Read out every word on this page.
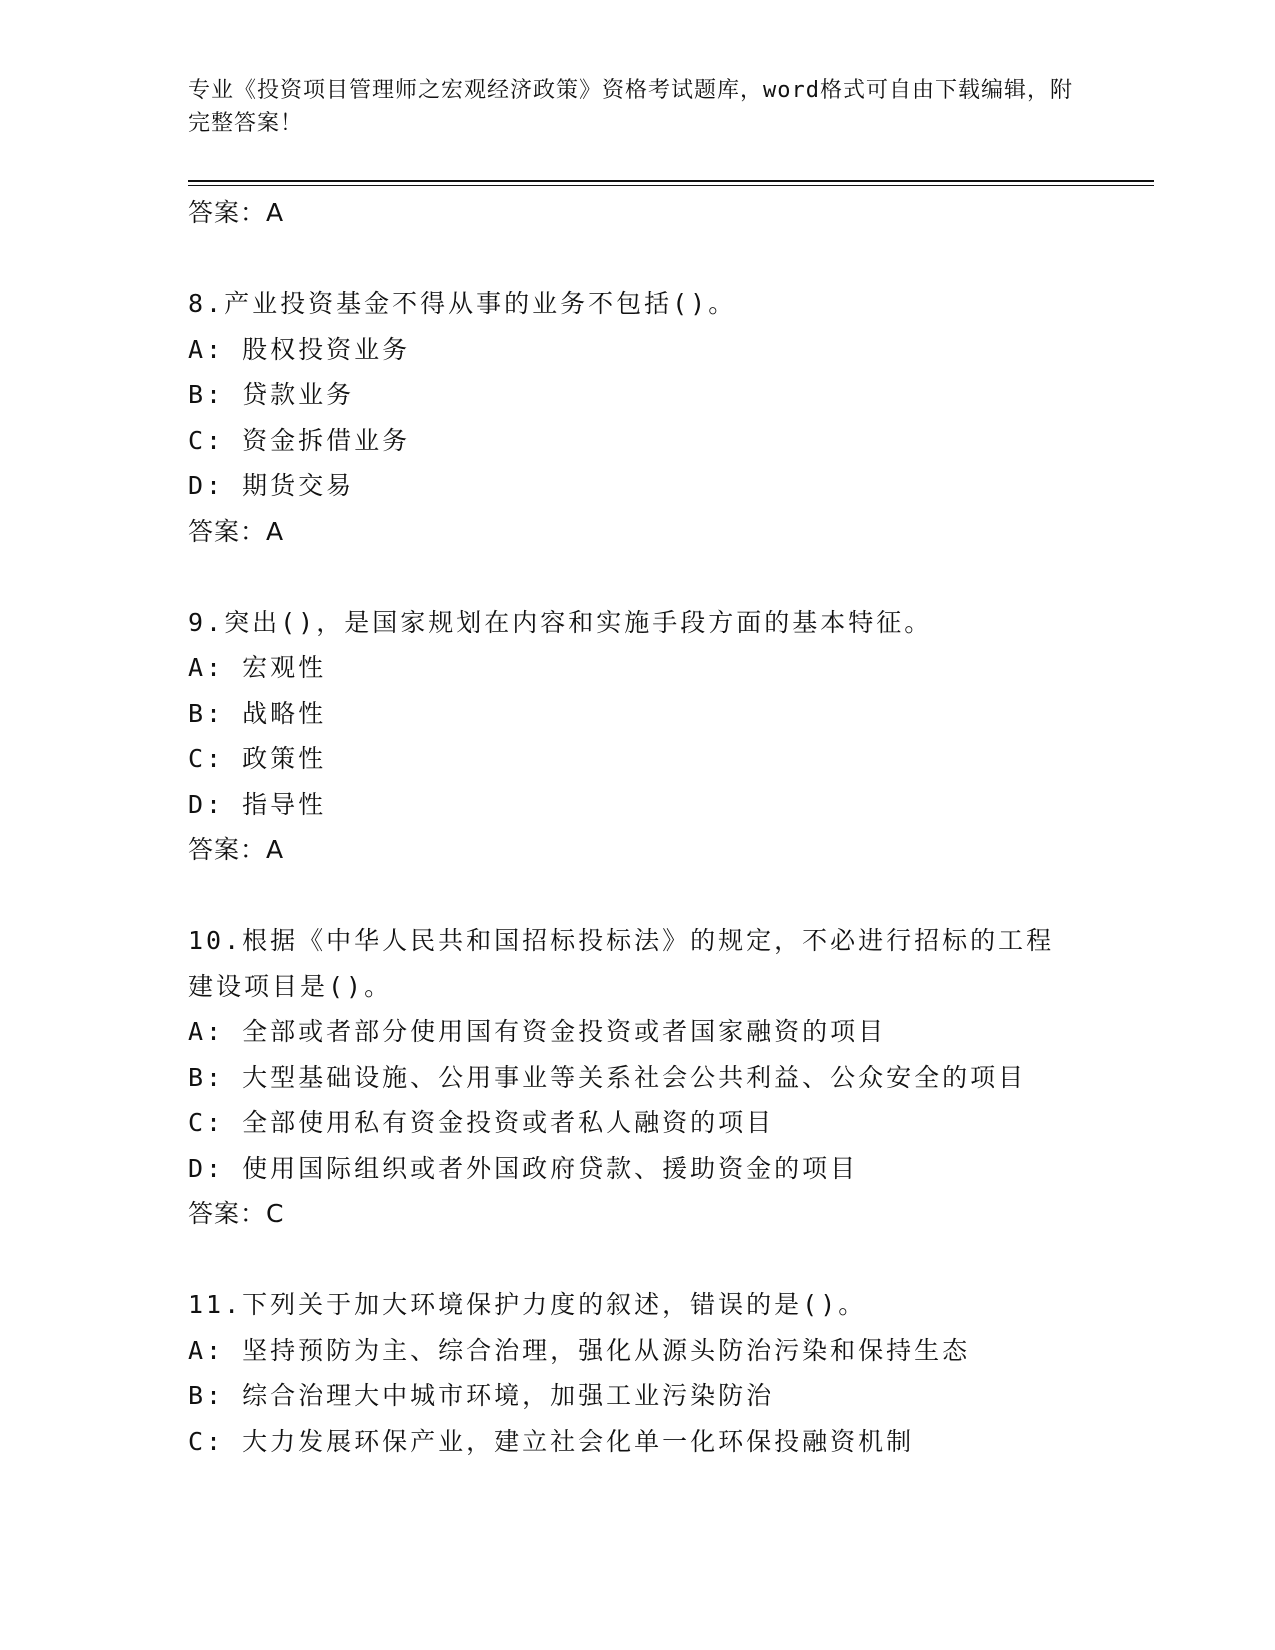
专业《投资项目管理师之宏观经济政策》资格考试题库，word格式可自由下载编辑，附完整答案！
答案：A
8.产业投资基金不得从事的业务不包括()。
A: 股权投资业务
B: 贷款业务
C: 资金拆借业务
D: 期货交易
答案：A
9.突出()，是国家规划在内容和实施手段方面的基本特征。
A: 宏观性
B: 战略性
C: 政策性
D: 指导性
答案：A
10.根据《中华人民共和国招标投标法》的规定，不必进行招标的工程
建设项目是()。
A: 全部或者部分使用国有资金投资或者国家融资的项目
B: 大型基础设施、公用事业等关系社会公共利益、公众安全的项目
C: 全部使用私有资金投资或者私人融资的项目
D: 使用国际组织或者外国政府贷款、援助资金的项目
答案：C
11.下列关于加大环境保护力度的叙述，错误的是()。
A: 坚持预防为主、综合治理，强化从源头防治污染和保持生态
B: 综合治理大中城市环境，加强工业污染防治
C: 大力发展环保产业，建立社会化单一化环保投融资机制
